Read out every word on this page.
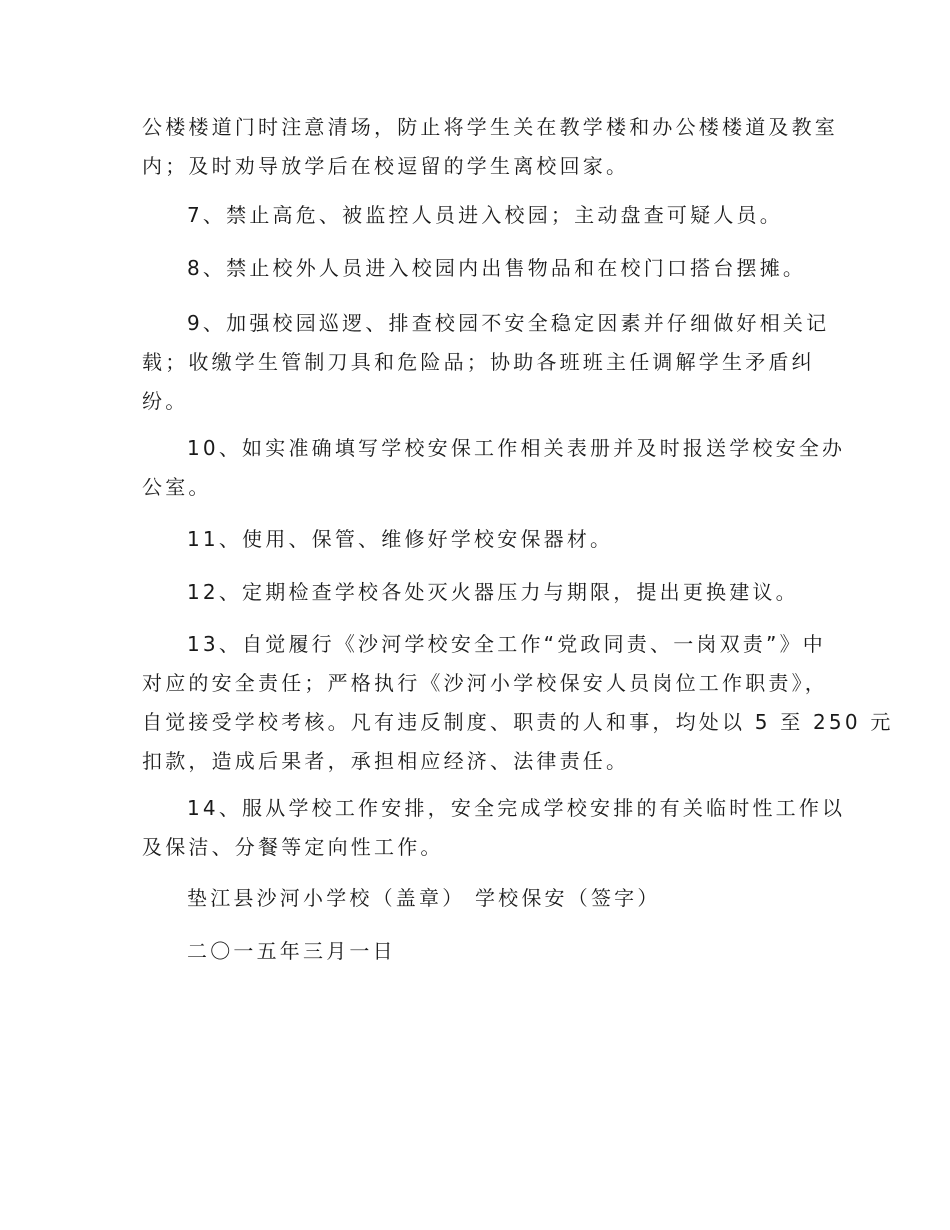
公楼楼道门时注意清场，防止将学生关在教学楼和办公楼楼道及教室
内；及时劝导放学后在校逗留的学生离校回家。

7、禁止高危、被监控人员进入校园；主动盘查可疑人员。

8、禁止校外人员进入校园内出售物品和在校门口搭台摆摊。

9、加强校园巡逻、排查校园不安全稳定因素并仔细做好相关记
载；收缴学生管制刀具和危险品；协助各班班主任调解学生矛盾纠
纷。

10、如实准确填写学校安保工作相关表册并及时报送学校安全办
公室。

11、使用、保管、维修好学校安保器材。

12、定期检查学校各处灭火器压力与期限，提出更换建议。

13、自觉履行《沙河学校安全工作“党政同责、一岗双责”》中
对应的安全责任；严格执行《沙河小学校保安人员岗位工作职责》，
自觉接受学校考核。凡有违反制度、职责的人和事，均处以 5 至 250 元
扣款，造成后果者，承担相应经济、法律责任。

14、服从学校工作安排，安全完成学校安排的有关临时性工作以
及保洁、分餐等定向性工作。

垫江县沙河小学校（盖章） 学校保安（签字）

二〇一五年三月一日
